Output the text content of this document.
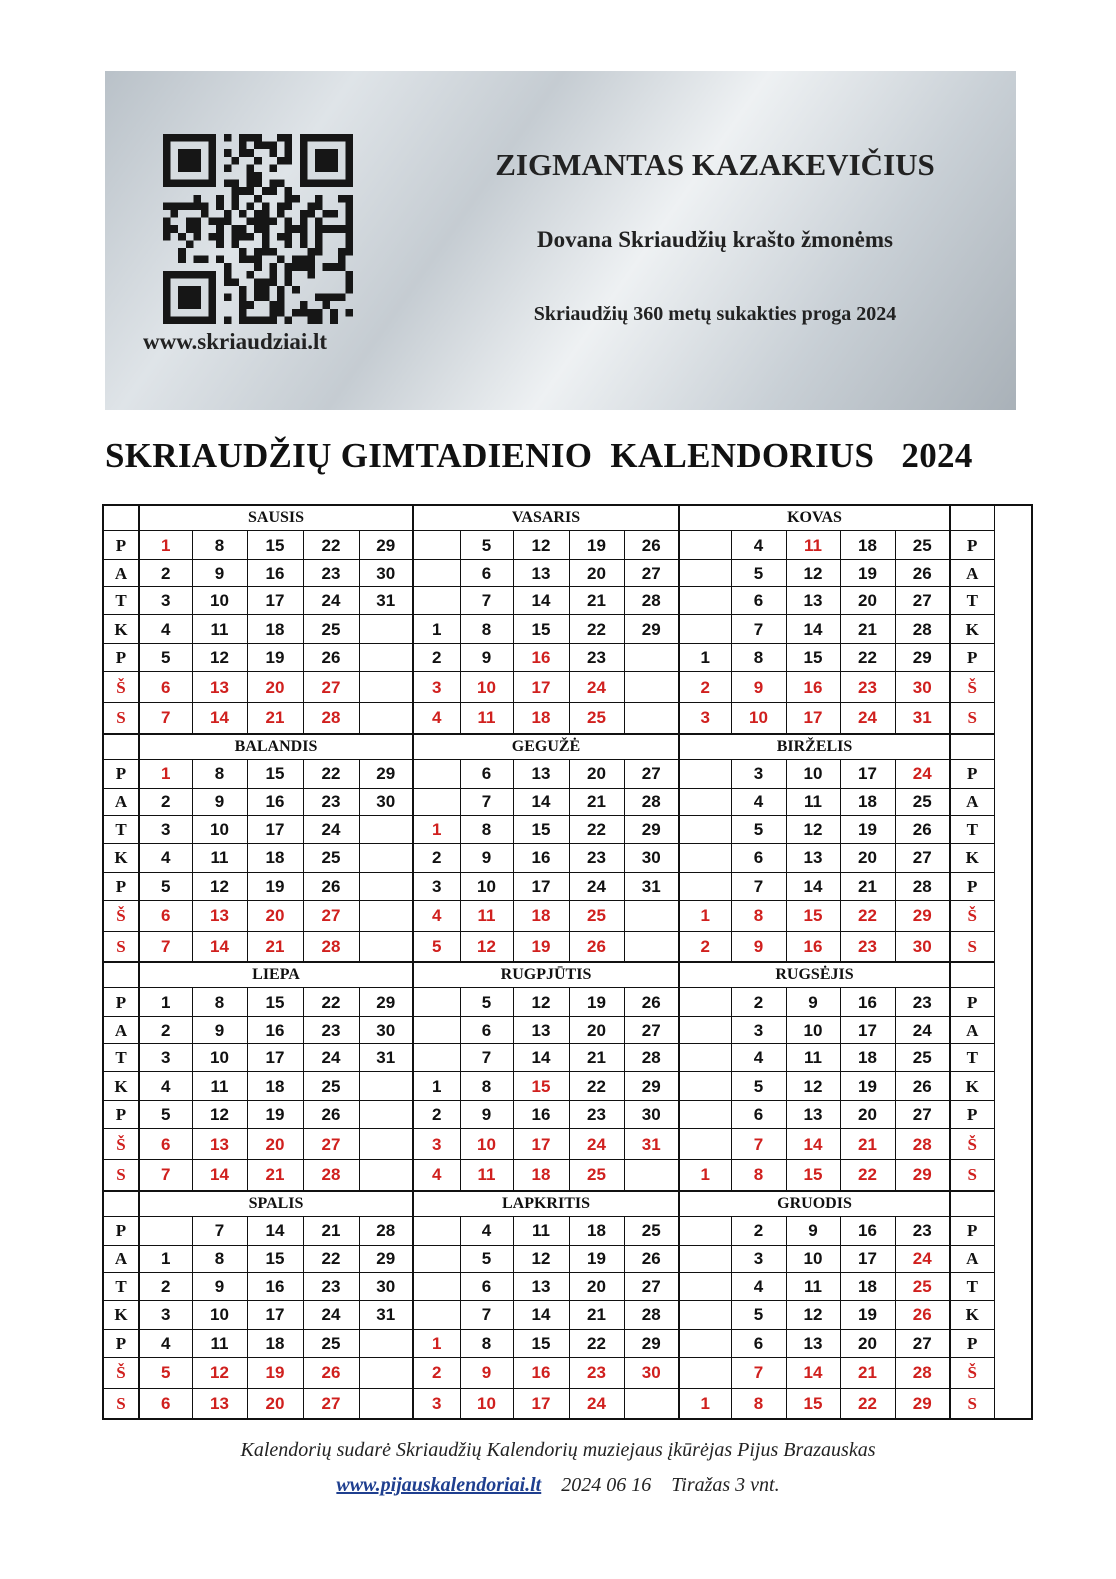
www.skriaudziai.lt
ZIGMANTAS KAZAKEVIČIUS
Dovana Skriaudžių krašto žmonėms
Skriaudžių 360 metų sukakties proga 2024
SKRIAUDŽIŲ GIMTADIENIO  KALENDORIUS   2024
	SAUSIS					VASARIS					KOVAS					
P	1	8	15	22	29		5	12	19	26		4	11	18	25	P
A	2	9	16	23	30		6	13	20	27		5	12	19	26	A
T	3	10	17	24	31		7	14	21	28		6	13	20	27	T
K	4	11	18	25		1	8	15	22	29		7	14	21	28	K
P	5	12	19	26		2	9	16	23		1	8	15	22	29	P
Š	6	13	20	27		3	10	17	24		2	9	16	23	30	Š
S	7	14	21	28		4	11	18	25		3	10	17	24	31	S
	BALANDIS					GEGUŽĖ					BIRŽELIS					
P	1	8	15	22	29		6	13	20	27		3	10	17	24	P
A	2	9	16	23	30		7	14	21	28		4	11	18	25	A
T	3	10	17	24		1	8	15	22	29		5	12	19	26	T
K	4	11	18	25		2	9	16	23	30		6	13	20	27	K
P	5	12	19	26		3	10	17	24	31		7	14	21	28	P
Š	6	13	20	27		4	11	18	25		1	8	15	22	29	Š
S	7	14	21	28		5	12	19	26		2	9	16	23	30	S
	LIEPA					RUGPJŪTIS					RUGSĖJIS					
P	1	8	15	22	29		5	12	19	26		2	9	16	23	P
A	2	9	16	23	30		6	13	20	27		3	10	17	24	A
T	3	10	17	24	31		7	14	21	28		4	11	18	25	T
K	4	11	18	25		1	8	15	22	29		5	12	19	26	K
P	5	12	19	26		2	9	16	23	30		6	13	20	27	P
Š	6	13	20	27		3	10	17	24	31		7	14	21	28	Š
S	7	14	21	28		4	11	18	25		1	8	15	22	29	S
	SPALIS					LAPKRITIS					GRUODIS					
P		7	14	21	28		4	11	18	25		2	9	16	23	P
A	1	8	15	22	29		5	12	19	26		3	10	17	24	A
T	2	9	16	23	30		6	13	20	27		4	11	18	25	T
K	3	10	17	24	31		7	14	21	28		5	12	19	26	K
P	4	11	18	25		1	8	15	22	29		6	13	20	27	P
Š	5	12	19	26		2	9	16	23	30		7	14	21	28	Š
S	6	13	20	27		3	10	17	24		1	8	15	22	29	S
Kalendorių sudarė Skriaudžių Kalendorių muziejaus įkūrėjas Pijus Brazauskas
www.pijauskalendoriai.lt 2024 06 16 Tiražas 3 vnt.
